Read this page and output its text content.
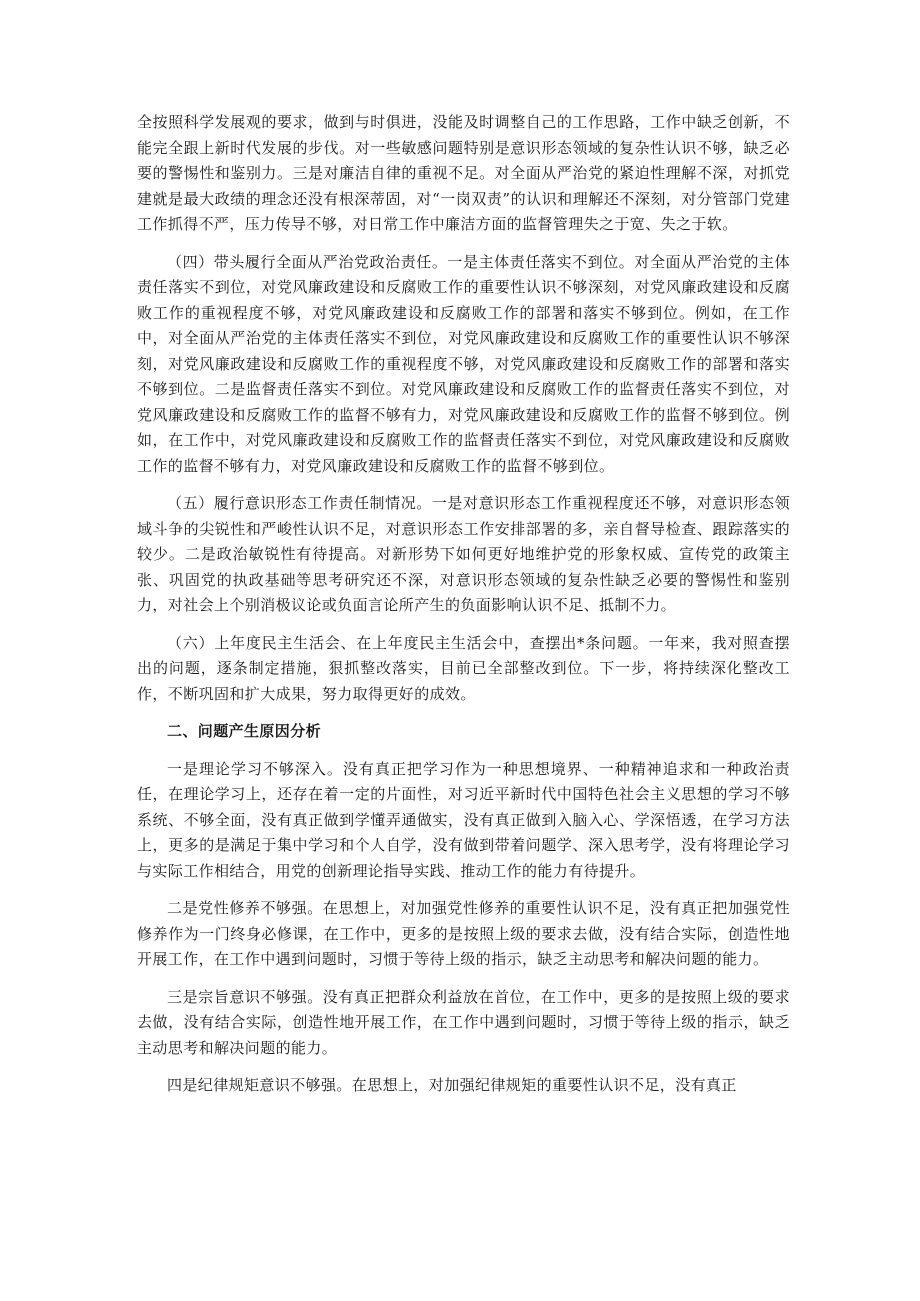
全按照科学发展观的要求，做到与时俱进，没能及时调整自己的工作思路，工作中缺乏创新，不能完全跟上新时代发展的步伐。对一些敏感问题特别是意识形态领域的复杂性认识不够，缺乏必要的警惕性和鉴别力。三是对廉洁自律的重视不足。对全面从严治党的紧迫性理解不深，对抓党建就是最大政绩的理念还没有根深蒂固，对“一岗双责”的认识和理解还不深刻，对分管部门党建工作抓得不严，压力传导不够，对日常工作中廉洁方面的监督管理失之于宽、失之于软。

（四）带头履行全面从严治党政治责任。一是主体责任落实不到位。对全面从严治党的主体责任落实不到位，对党风廉政建设和反腐败工作的重要性认识不够深刻，对党风廉政建设和反腐败工作的重视程度不够，对党风廉政建设和反腐败工作的部署和落实不够到位。例如，在工作中，对全面从严治党的主体责任落实不到位，对党风廉政建设和反腐败工作的重要性认识不够深刻，对党风廉政建设和反腐败工作的重视程度不够，对党风廉政建设和反腐败工作的部署和落实不够到位。二是监督责任落实不到位。对党风廉政建设和反腐败工作的监督责任落实不到位，对党风廉政建设和反腐败工作的监督不够有力，对党风廉政建设和反腐败工作的监督不够到位。例如，在工作中，对党风廉政建设和反腐败工作的监督责任落实不到位，对党风廉政建设和反腐败工作的监督不够有力，对党风廉政建设和反腐败工作的监督不够到位。

（五）履行意识形态工作责任制情况。一是对意识形态工作重视程度还不够，对意识形态领域斗争的尖锐性和严峻性认识不足，对意识形态工作安排部署的多，亲自督导检查、跟踪落实的较少。二是政治敏锐性有待提高。对新形势下如何更好地维护党的形象权威、宣传党的政策主张、巩固党的执政基础等思考研究还不深，对意识形态领域的复杂性缺乏必要的警惕性和鉴别力，对社会上个别消极议论或负面言论所产生的负面影响认识不足、抵制不力。

（六）上年度民主生活会、在上年度民主生活会中，查摆出*条问题。一年来，我对照查摆出的问题，逐条制定措施，狠抓整改落实，目前已全部整改到位。下一步，将持续深化整改工作，不断巩固和扩大成果，努力取得更好的成效。

二、问题产生原因分析

一是理论学习不够深入。没有真正把学习作为一种思想境界、一种精神追求和一种政治责任，在理论学习上，还存在着一定的片面性，对习近平新时代中国特色社会主义思想的学习不够系统、不够全面，没有真正做到学懂弄通做实，没有真正做到入脑入心、学深悟透，在学习方法上，更多的是满足于集中学习和个人自学，没有做到带着问题学、深入思考学，没有将理论学习与实际工作相结合，用党的创新理论指导实践、推动工作的能力有待提升。

二是党性修养不够强。在思想上，对加强党性修养的重要性认识不足，没有真正把加强党性修养作为一门终身必修课，在工作中，更多的是按照上级的要求去做，没有结合实际，创造性地开展工作，在工作中遇到问题时，习惯于等待上级的指示，缺乏主动思考和解决问题的能力。

三是宗旨意识不够强。没有真正把群众利益放在首位，在工作中，更多的是按照上级的要求去做，没有结合实际，创造性地开展工作，在工作中遇到问题时，习惯于等待上级的指示，缺乏主动思考和解决问题的能力。

四是纪律规矩意识不够强。在思想上，对加强纪律规矩的重要性认识不足，没有真正
